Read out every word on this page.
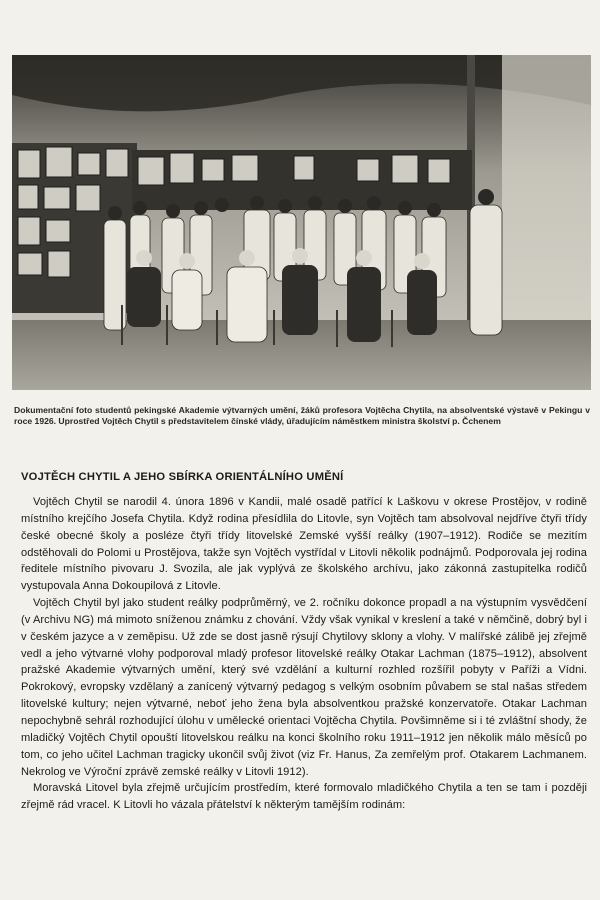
Dokumentační foto studentů pekingské Akademie výtvarných umění, žáků profesora Vojtěcha Chytila, na absolventské výstavě v Pekingu v roce 1926. Uprostřed Vojtěch Chytil s představitelem čínské vlády, úřadujícím náměstkem ministra školství p. Čchenem
VOJTĚCH CHYTIL A JEHO SBÍRKA ORIENTÁLNÍHO UMĚNÍ

Vojtěch Chytil se narodil 4. února 1896 v Kandii, malé osadě patřící k Laškovu v okrese Prostějov, v rodině místního krejčího Josefa Chytila. Když rodina přesídlila do Litovle, syn Vojtěch tam absolvoval nejdříve čtyři třídy české obecné školy a posléze čtyři třídy litovelské Zemské vyšší reálky (1907–1912). Rodiče se mezitím odstěhovali do Polomi u Prostějova, takže syn Vojtěch vystřídal v Litovli několik podnájmů. Podporovala jej rodina ředitele místního pivovaru J. Svozila, ale jak vyplývá ze školského archívu, jako zákonná zastupitelka rodičů vystupovala Anna Dokoupilová z Litovle.

Vojtěch Chytil byl jako student reálky podprůměrný, ve 2. ročníku dokonce propadl a na výstupním vysvědčení (v Archivu NG) má mimoto sníženou známku z chování. Vždy však vynikal v kreslení a také v němčině, dobrý byl i v českém jazyce a v zeměpisu. Už zde se dost jasně rýsují Chytilovy sklony a vlohy. V malířské zálibě jej zřejmě vedl a jeho výtvarné vlohy podporoval mladý profesor litovelské reálky Otakar Lachman (1875–1912), absolvent pražské Akademie výtvarných umění, který své vzdělání a kulturní rozhled rozšířil pobyty v Paříži a Vídni. Pokrokový, evropsky vzdělaný a zanícený výtvarný pedagog s velkým osobním půvabem se stal našas středem litovelské kultury; nejen výtvarné, neboť jeho žena byla absolventkou pražské konzervatoře. Otakar Lachman nepochybně sehrál rozhodující úlohu v umělecké orientaci Vojtěcha Chytila. Povšimněme si i té zvláštní shody, že mladičký Vojtěch Chytil opouští litovelskou reálku na konci školního roku 1911–1912 jen několik málo měsíců po tom, co jeho učitel Lachman tragicky ukončil svůj život (viz Fr. Hanus, Za zemřelým prof. Otakarem Lachmanem. Nekrolog ve Výroční zprávě zemské reálky v Litovli 1912).

Moravská Litovel byla zřejmě určujícím prostředím, které formovalo mladičkého Chytila a ten se tam i později zřejmě rád vracel. K Litovli ho vázala přátelství k některým tamějším rodinám:
